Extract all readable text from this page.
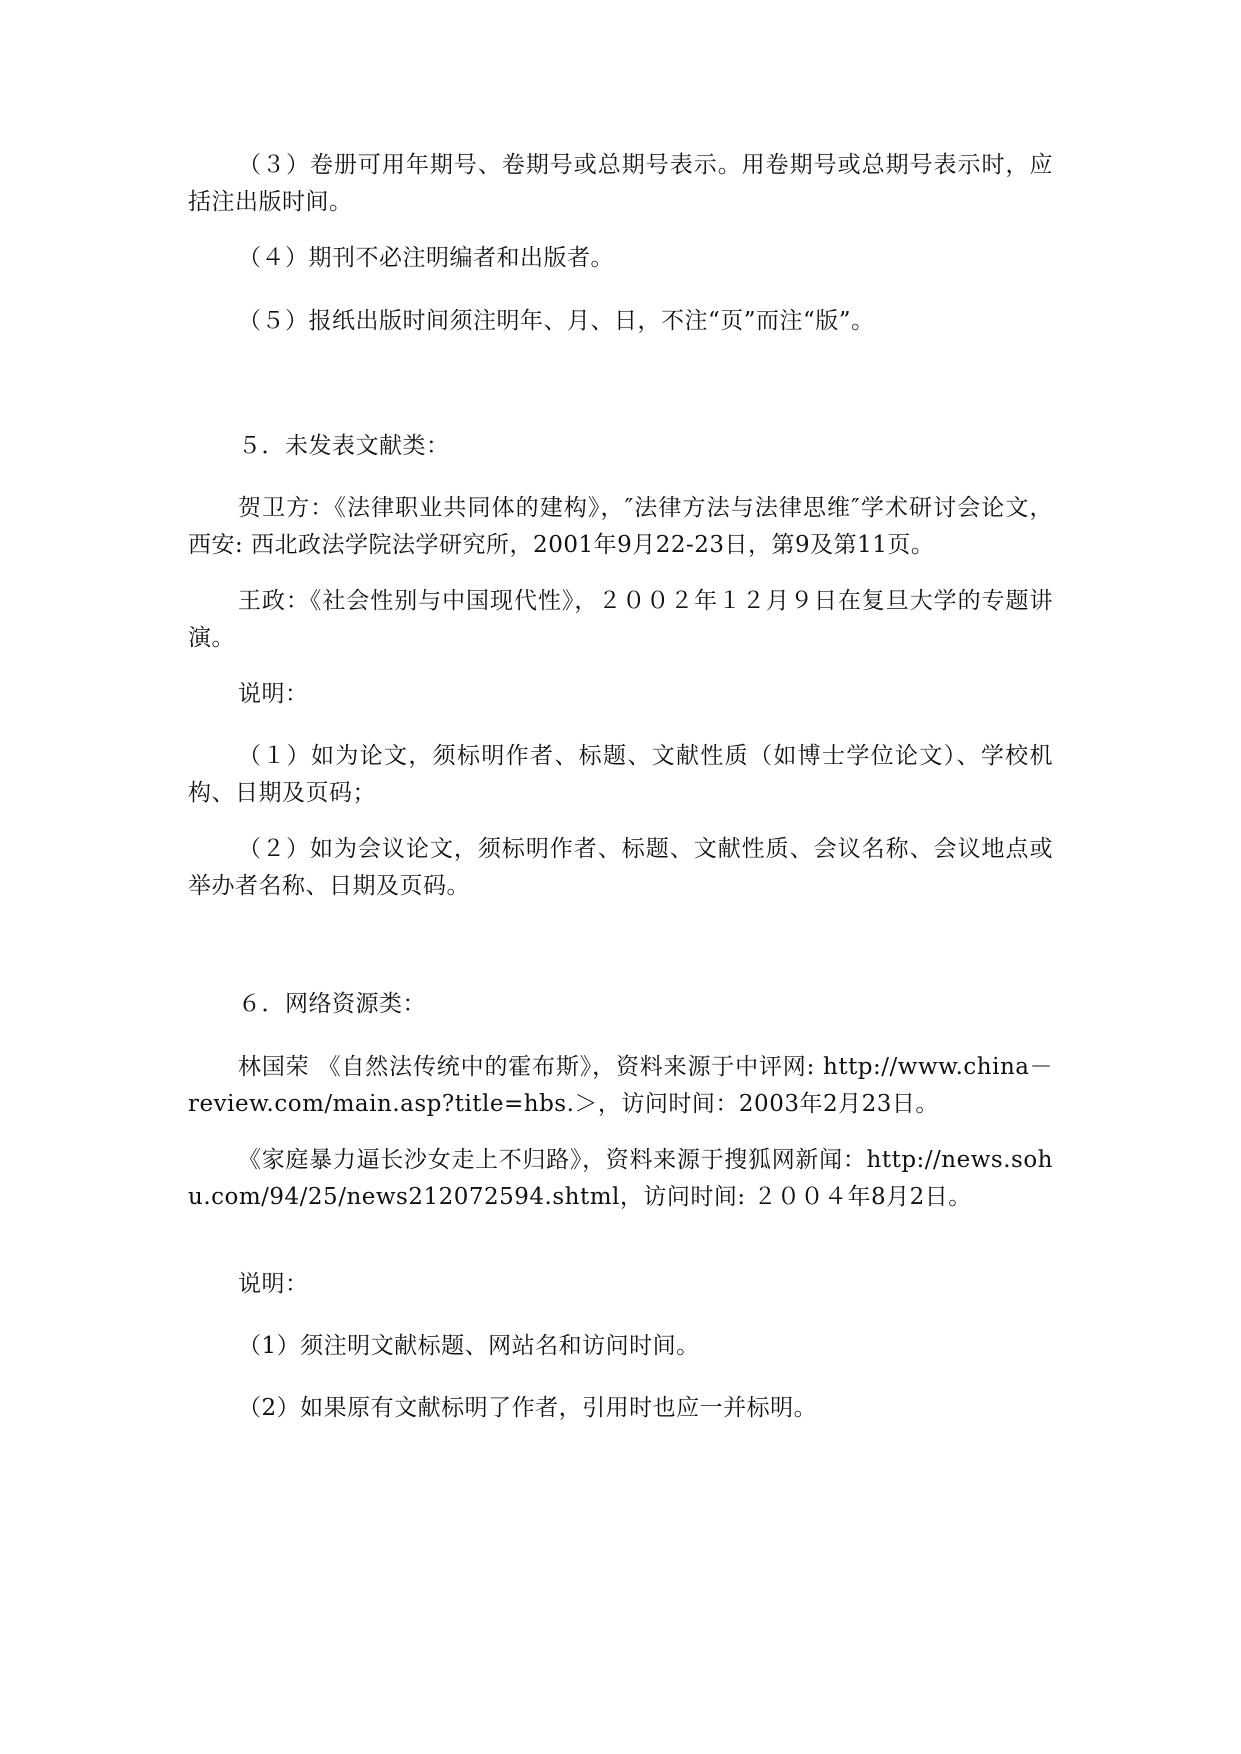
（３）卷册可用年期号、卷期号或总期号表示。用卷期号或总期号表示时，应括注出版时间。

（４）期刊不必注明编者和出版者。

（５）报纸出版时间须注明年、月、日，不注“页”而注“版”。

５．未发表文献类：

贺卫方：《法律职业共同体的建构》，″法律方法与法律思维″学术研讨会论文，西安: 西北政法学院法学研究所，2001年9月22-23日，第9及第11页。

王政：《社会性别与中国现代性》，２００２年１２月９日在复旦大学的专题讲演。

说明：

（１）如为论文，须标明作者、标题、文献性质（如博士学位论文）、学校机构、日期及页码；

（２）如为会议论文，须标明作者、标题、文献性质、会议名称、会议地点或举办者名称、日期及页码。

６．网络资源类：

林国荣 《自然法传统中的霍布斯》，资料来源于中评网: http://www.china－review.com/main.asp?title=hbs.＞，访问时间：2003年2月23日。

《家庭暴力逼长沙女走上不归路》，资料来源于搜狐网新闻：http://news.sohu.com/94/25/news212072594.shtml，访问时间: ２００４年8月2日。

说明：

（1）须注明文献标题、网站名和访问时间。

（2）如果原有文献标明了作者，引用时也应一并标明。
